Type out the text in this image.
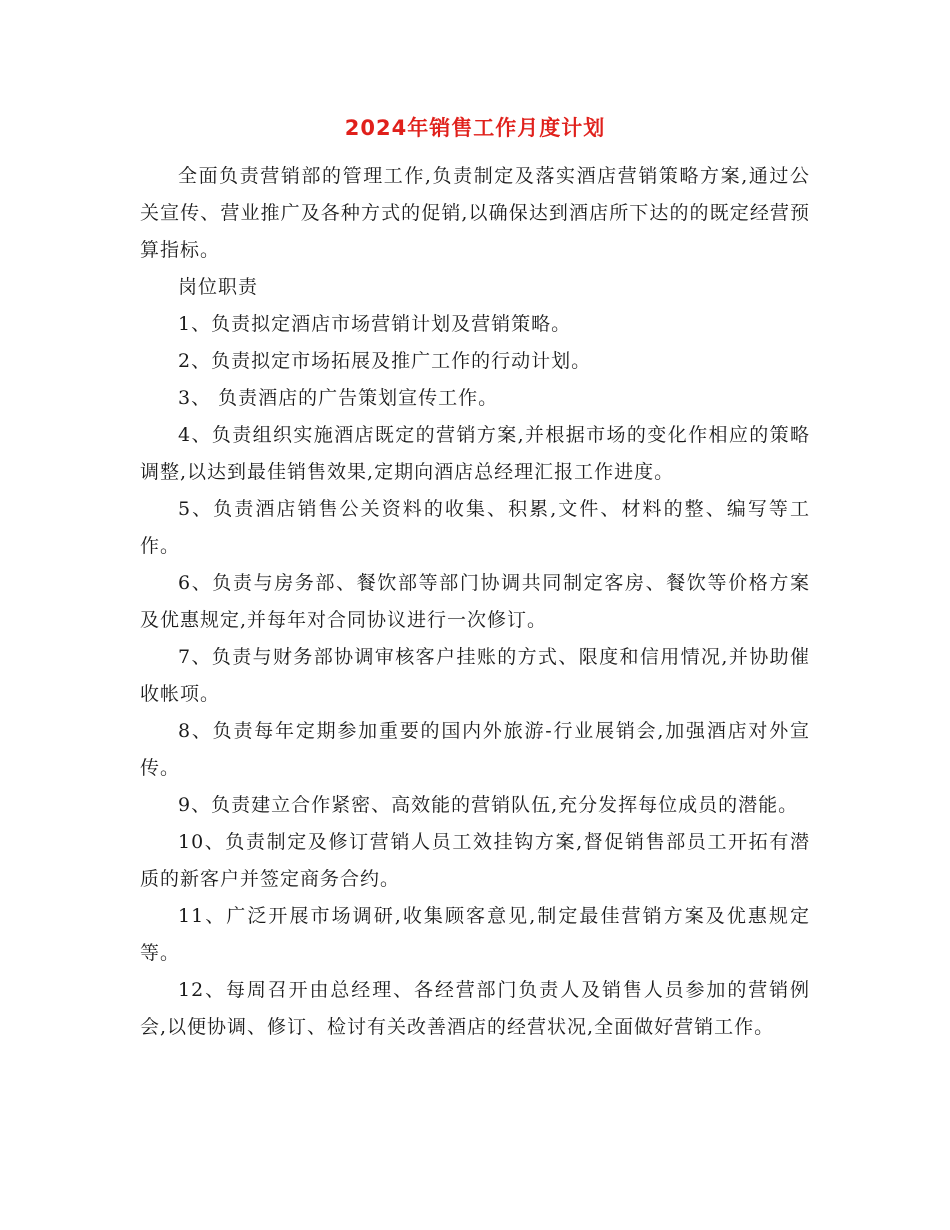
2024年销售工作月度计划

全面负责营销部的管理工作,负责制定及落实酒店营销策略方案,通过公关宣传、营业推广及各种方式的促销,以确保达到酒店所下达的的既定经营预算指标。

岗位职责

1、负责拟定酒店市场营销计划及营销策略。

2、负责拟定市场拓展及推广工作的行动计划。

3、 负责酒店的广告策划宣传工作。

4、负责组织实施酒店既定的营销方案,并根据市场的变化作相应的策略调整,以达到最佳销售效果,定期向酒店总经理汇报工作进度。

5、负责酒店销售公关资料的收集、积累,文件、材料的整、编写等工作。

6、负责与房务部、餐饮部等部门协调共同制定客房、餐饮等价格方案及优惠规定,并每年对合同协议进行一次修订。

7、负责与财务部协调审核客户挂账的方式、限度和信用情况,并协助催收帐项。

8、负责每年定期参加重要的国内外旅游-行业展销会,加强酒店对外宣传。

9、负责建立合作紧密、高效能的营销队伍,充分发挥每位成员的潜能。

10、负责制定及修订营销人员工效挂钩方案,督促销售部员工开拓有潜质的新客户并签定商务合约。

11、广泛开展市场调研,收集顾客意见,制定最佳营销方案及优惠规定等。

12、每周召开由总经理、各经营部门负责人及销售人员参加的营销例会,以便协调、修订、检讨有关改善酒店的经营状况,全面做好营销工作。
